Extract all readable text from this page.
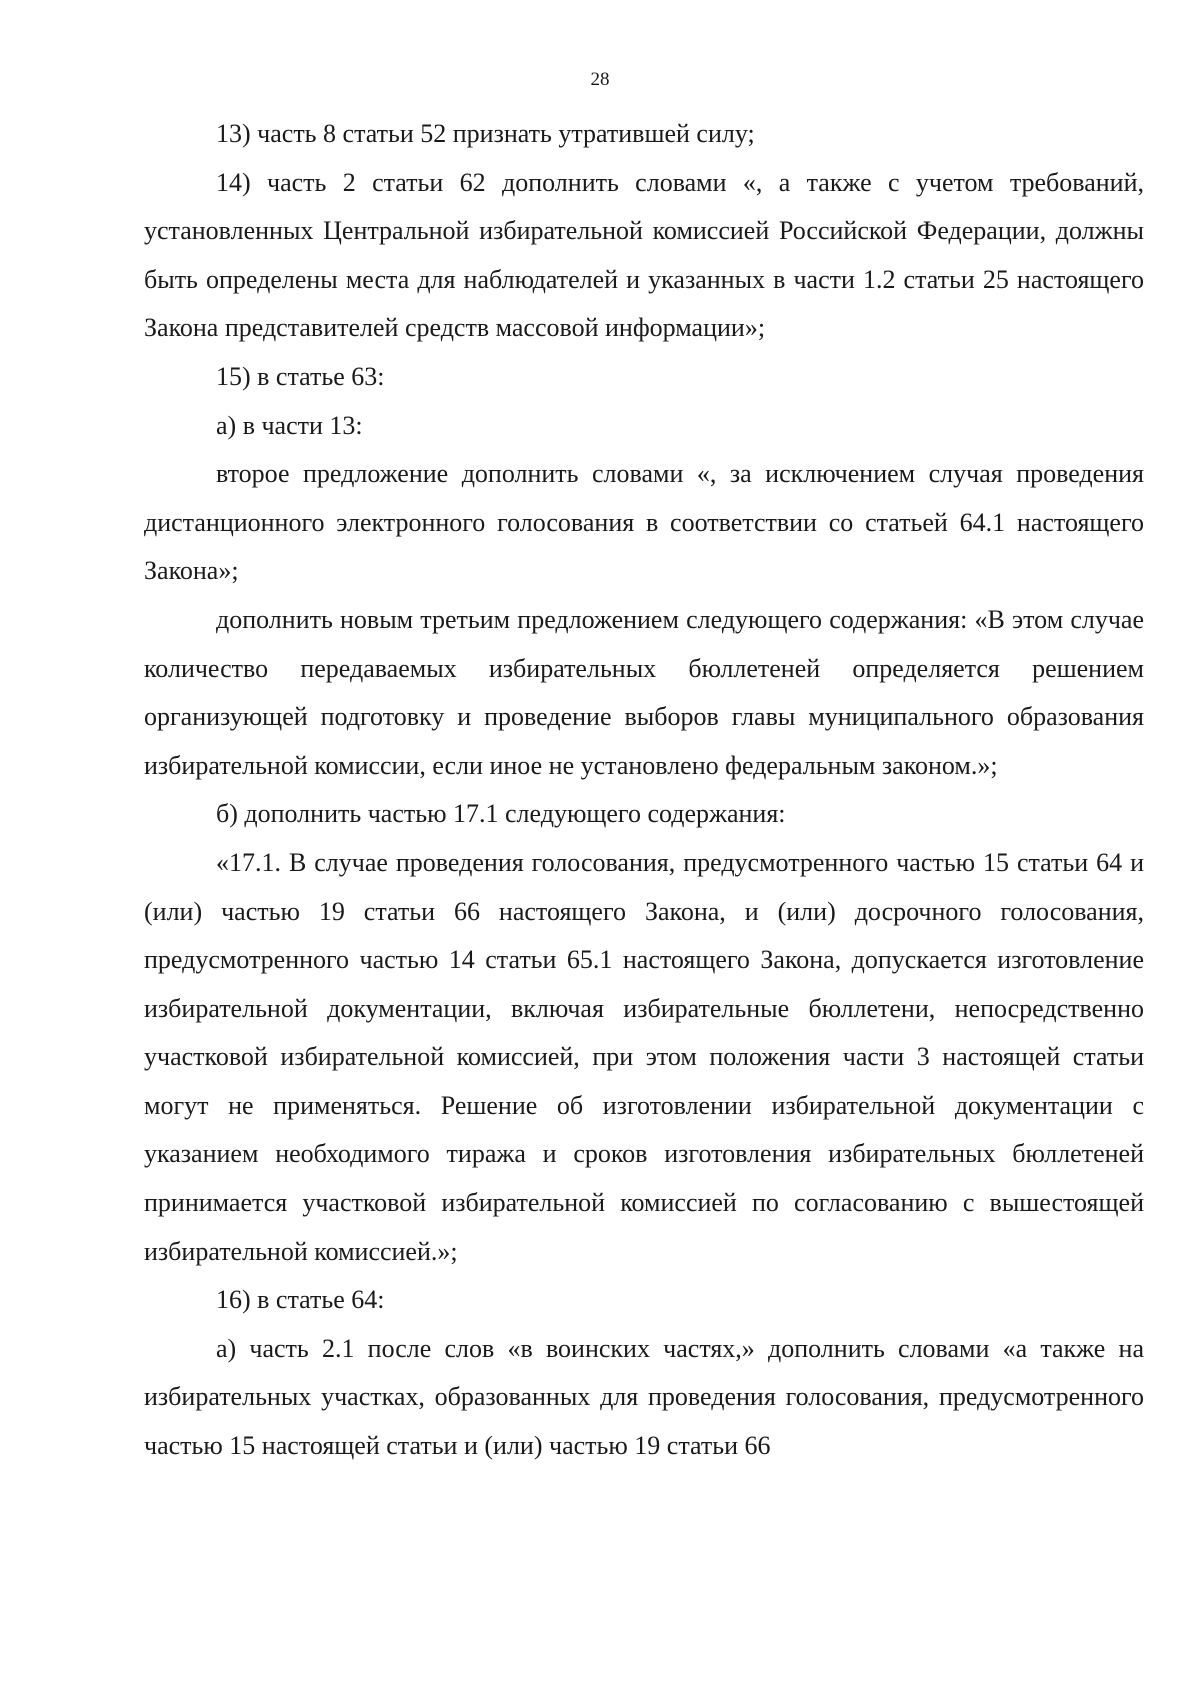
28

13) часть 8 статьи 52 признать утратившей силу;

14) часть 2 статьи 62 дополнить словами «, а также с учетом требований, установленных Центральной избирательной комиссией Российской Федерации, должны быть определены места для наблюдателей и указанных в части 1.2 статьи 25 настоящего Закона представителей средств массовой информации»;

15) в статье 63:

а) в части 13:

второе предложение дополнить словами «, за исключением случая проведения дистанционного электронного голосования в соответствии со статьей 64.1 настоящего Закона»;

дополнить новым третьим предложением следующего содержания: «В этом случае количество передаваемых избирательных бюллетеней определяется решением организующей подготовку и проведение выборов главы муниципального образования избирательной комиссии, если иное не установлено федеральным законом.»;

б) дополнить частью 17.1 следующего содержания:

«17.1. В случае проведения голосования, предусмотренного частью 15 статьи 64 и (или) частью 19 статьи 66 настоящего Закона, и (или) досрочного голосования, предусмотренного частью 14 статьи 65.1 настоящего Закона, допускается изготовление избирательной документации, включая избирательные бюллетени, непосредственно участковой избирательной комиссией, при этом положения части 3 настоящей статьи могут не применяться. Решение об изготовлении избирательной документации с указанием необходимого тиража и сроков изготовления избирательных бюллетеней принимается участковой избирательной комиссией по согласованию с вышестоящей избирательной комиссией.»;

16) в статье 64:

а) часть 2.1 после слов «в воинских частях,» дополнить словами «а также на избирательных участках, образованных для проведения голосования, предусмотренного частью 15 настоящей статьи и (или) частью 19 статьи 66
